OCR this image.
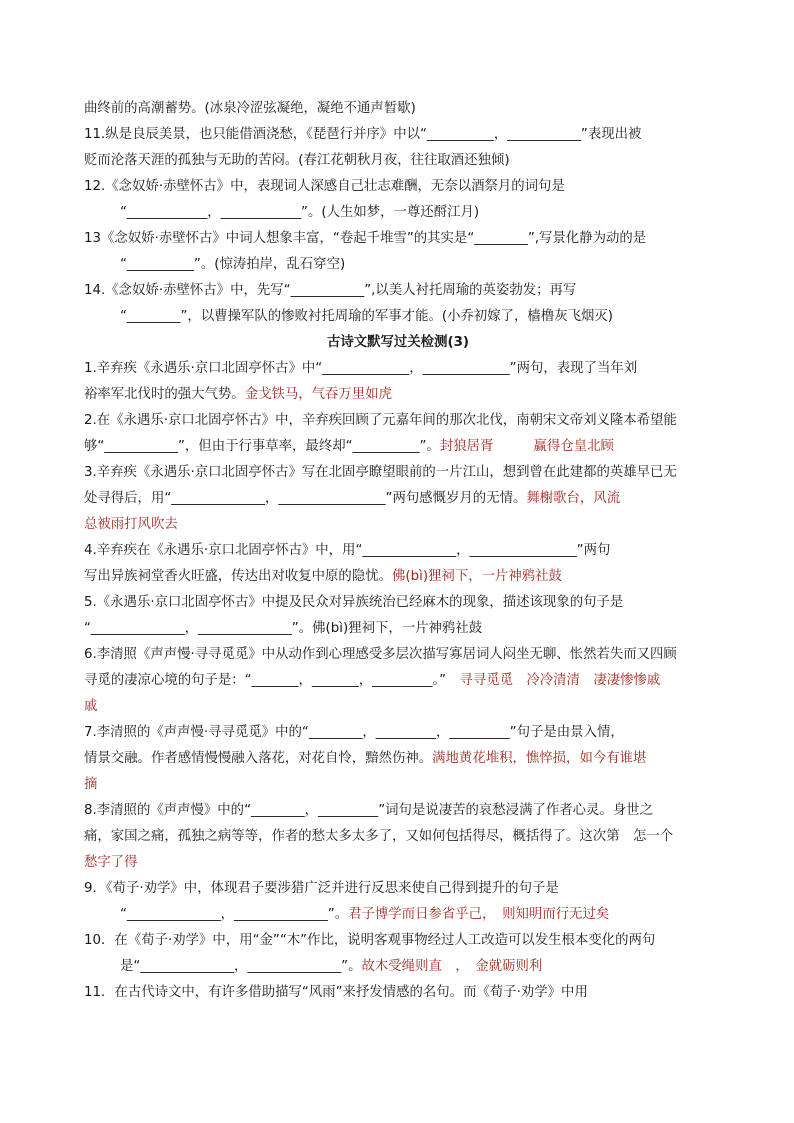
曲终前的高潮蓄势。(冰泉冷涩弦凝绝，凝绝不通声暂歇)
11.纵是良辰美景，也只能借酒浇愁，《琵琶行并序》中以“__________，___________”表现出被
贬而沦落天涯的孤独与无助的苦闷。(春江花朝秋月夜，往往取酒还独倾)
12.《念奴娇·赤壁怀古》中，表现词人深感自己壮志难酬，无奈以酒祭月的词句是
“____________，____________”。(人生如梦，一尊还酹江月)
13《念奴娇·赤壁怀古》中词人想象丰富，“卷起千堆雪”的其实是“________”,写景化静为动的是
“__________”。(惊涛拍岸，乱石穿空)
14.《念奴娇·赤壁怀古》中，先写“___________”,以美人衬托周瑜的英姿勃发；再写
“________”，以曹操军队的惨败衬托周瑜的军事才能。(小乔初嫁了，樯橹灰飞烟灭)
古诗文默写过关检测(3)
1.辛弃疾《永遇乐·京口北固亭怀古》中“_____________，_____________”两句，表现了当年刘
裕率军北伐时的强大气势。金戈铁马，气吞万里如虎
2.在《永遇乐·京口北固亭怀古》中，辛弃疾回顾了元嘉年间的那次北伐，南朝宋文帝刘义隆本希望能
够“___________”，但由于行事草率，最终却“__________”。封狼居胥　　　赢得仓皇北顾
3.辛弃疾《永遇乐·京口北固亭怀古》写在北固亭瞭望眼前的一片江山，想到曾在此建都的英雄早已无
处寻得后，用“______________，________________”两句感慨岁月的无情。舞榭歌台，风流
总被雨打风吹去
4.辛弃疾在《永遇乐·京口北固亭怀古》中，用“______________，________________”两句
写出异族祠堂香火旺盛，传达出对收复中原的隐忧。佛(bì)狸祠下，一片神鸦社鼓
5.《永遇乐·京口北固亭怀古》中提及民众对异族统治已经麻木的现象，描述该现象的句子是
“______________，______________”。佛(bì)狸祠下，一片神鸦社鼓
6.李清照《声声慢·寻寻觅觅》中从动作到心理感受多层次描写寡居词人闷坐无聊、怅然若失而又四顾
寻觅的凄凉心境的句子是：“_______，_______，_________。”　寻寻觅觅　冷冷清清　凄凄惨惨戚
戚
7.李清照的《声声慢·寻寻觅觅》中的“________，_________，_________”句子是由景入情，
情景交融。作者感情慢慢融入落花，对花自怜，黯然伤神。满地黄花堆积，憔悴损，如今有谁堪
摘
8.李清照的《声声慢》中的“________，_________”词句是说凄苦的哀愁浸满了作者心灵。身世之
痛，家国之痛，孤独之病等等，作者的愁太多太多了，又如何包括得尽，概括得了。这次第　怎一个
愁字了得
9．《荀子·劝学》中，体现君子要涉猎广泛并进行反思来使自己得到提升的句子是
“______________，______________”。君子博学而日参省乎己，　则知明而行无过矣
10．在《荀子·劝学》中，用“金”“木”作比，说明客观事物经过人工改造可以发生根本变化的两句
是“______________，______________”。故木受绳则直　，　金就砺则利
11．在古代诗文中，有许多借助描写“风雨”来抒发情感的名句。而《荀子·劝学》中用
